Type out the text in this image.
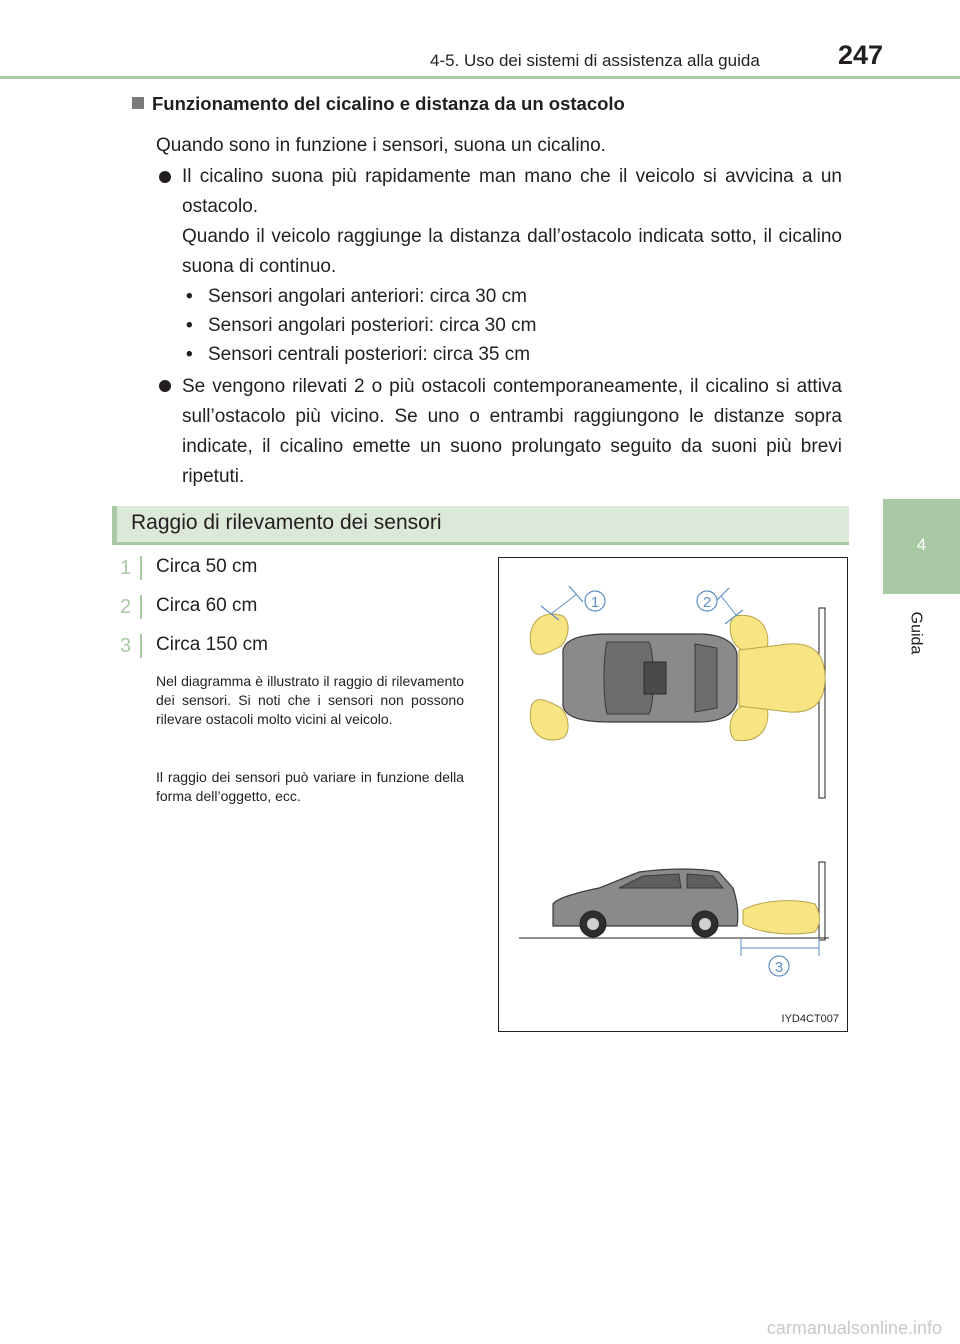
4-5. Uso dei sistemi di assistenza alla guida	247
4
Guida
Funzionamento del cicalino e distanza da un ostacolo
Quando sono in funzione i sensori, suona un cicalino.
Il cicalino suona più rapidamente man mano che il veicolo si avvicina a un ostacolo.
Quando il veicolo raggiunge la distanza dall’ostacolo indicata sotto, il cicalino suona di continuo.
• Sensori angolari anteriori: circa 30 cm
• Sensori angolari posteriori: circa 30 cm
• Sensori centrali posteriori: circa 35 cm
Se vengono rilevati 2 o più ostacoli contemporaneamente, il cicalino si attiva sull’ostacolo più vicino. Se uno o entrambi raggiungono le distanze sopra indicate, il cicalino emette un suono prolungato seguito da suoni più brevi ripetuti.
Raggio di rilevamento dei sensori
1	Circa 50 cm
2	Circa 60 cm
3	Circa 150 cm
Nel diagramma è illustrato il raggio di rilevamento dei sensori. Si noti che i sensori non possono rilevare ostacoli molto vicini al veicolo.
Il raggio dei sensori può variare in funzione della forma dell’oggetto, ecc.
1	2
3
IYD4CT007
carmanualsonline.info
